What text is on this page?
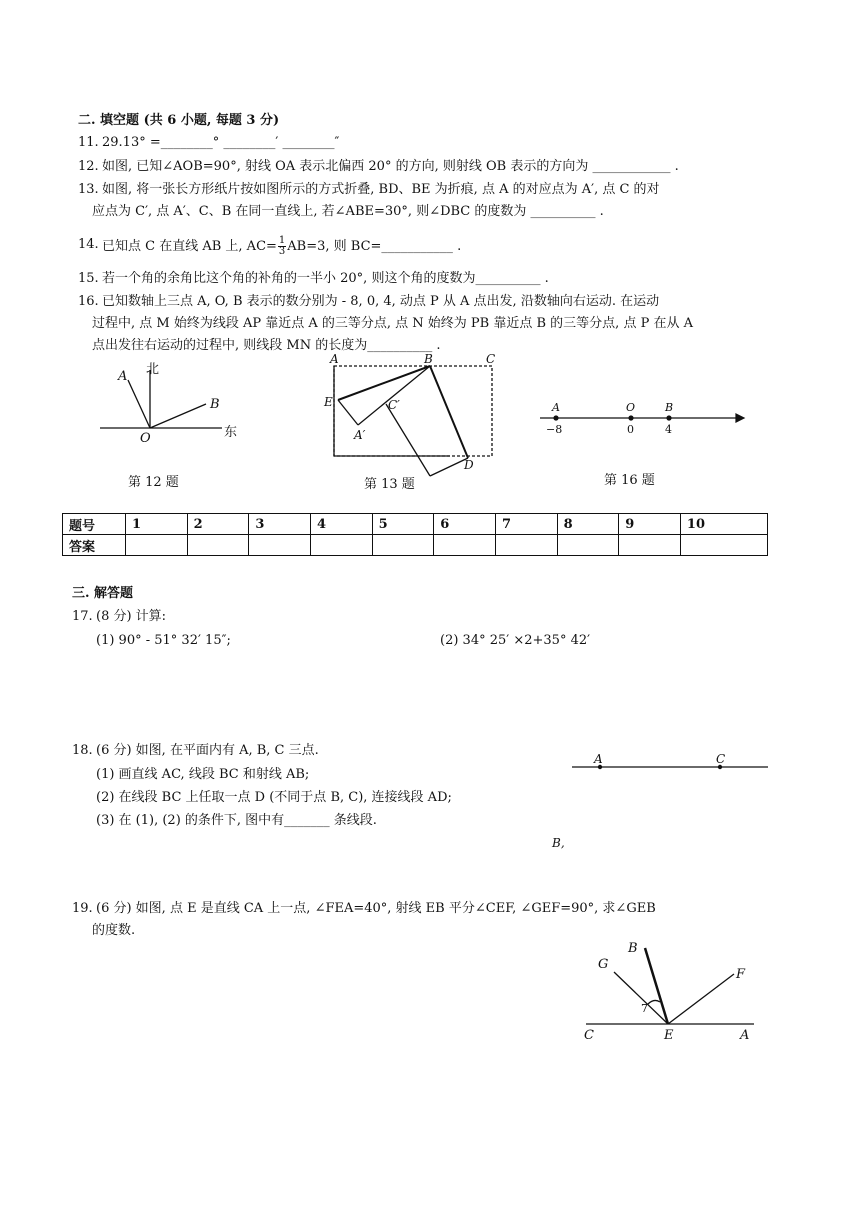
二. 填空题 (共 6 小题, 每题 3 分)
11. 29.13° =________° ________′ ________″
12. 如图, 已知∠AOB=90°, 射线 OA 表示北偏西 20° 的方向, 则射线 OB 表示的方向为 ____________ .
13. 如图, 将一张长方形纸片按如图所示的方式折叠, BD、BE 为折痕, 点 A 的对应点为 A′, 点 C 的对
应点为 C′, 点 A′、C、B 在同一直线上, 若∠ABE=30°, 则∠DBC 的度数为 __________ .
14. 已知点 C 在直线 AB 上, $AC= \frac{1}{3} AB=3$, 则 BC=___________ .
15. 若一个角的余角比这个角的补角的一半小 20°, 则这个角的度数为__________ .
16. 已知数轴上三点 A, O, B 表示的数分别为 - 8, 0, 4, 动点 P 从 A 点出发, 沿数轴向右运动. 在运动
过程中, 点 M 始终为线段 AP 靠近点 A 的三等分点, 点 N 始终为 PB 靠近点 B 的三等分点, 点 P 在从 A
点出发往右运动的过程中, 则线段 MN 的长度为__________ .
A 北
B
O	东
第 12 题
A	B	C
E	C′
A′
D
第 13 题
A	O	B
−8	0	4
第 16 题
题号	1	2	3	4	5	6	7	8	9	10
答案										
三. 解答题
17. (8 分) 计算:
(1) 90° - 51° 32′ 15″;	(2) 34° 25′ ×2+35° 42′
18. (6 分) 如图, 在平面内有 A, B, C 三点.
(1) 画直线 AC, 线段 BC 和射线 AB;
(2) 在线段 BC 上任取一点 D (不同于点 B, C), 连接线段 AD;
(3) 在 (1), (2) 的条件下, 图中有_______ 条线段.
A	C
B,
19. (6 分) 如图, 点 E 是直线 CA 上一点, ∠FEA=40°, 射线 EB 平分∠CEF, ∠GEF=90°, 求∠GEB
的度数.
B
G
F
7
C	E	A
